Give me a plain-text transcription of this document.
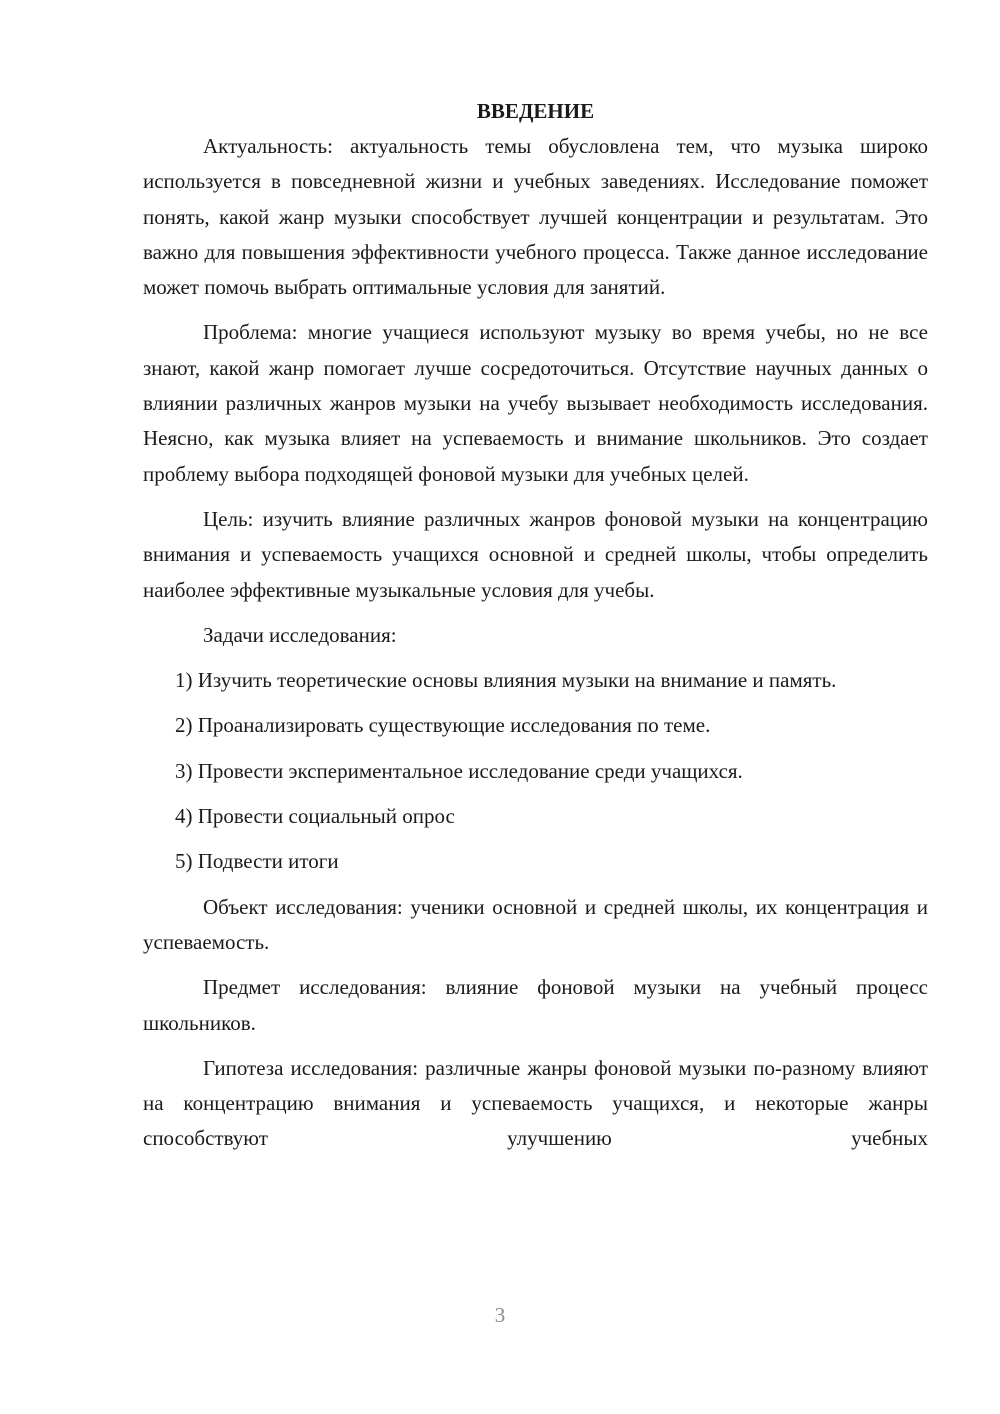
ВВЕДЕНИЕ

Актуальность: актуальность темы обусловлена тем, что музыка широко используется в повседневной жизни и учебных заведениях. Исследование поможет понять, какой жанр музыки способствует лучшей концентрации и результатам. Это важно для повышения эффективности учебного процесса. Также данное исследование может помочь выбрать оптимальные условия для занятий.

Проблема: многие учащиеся используют музыку во время учебы, но не все знают, какой жанр помогает лучше сосредоточиться. Отсутствие научных данных о влиянии различных жанров музыки на учебу вызывает необходимость исследования. Неясно, как музыка влияет на успеваемость и внимание школьников. Это создает проблему выбора подходящей фоновой музыки для учебных целей.

Цель: изучить влияние различных жанров фоновой музыки на концентрацию внимания и успеваемость учащихся основной и средней школы, чтобы определить наиболее эффективные музыкальные условия для учебы.

Задачи исследования:

1) Изучить теоретические основы влияния музыки на внимание и память.

2) Проанализировать существующие исследования по теме.

3) Провести экспериментальное исследование среди учащихся.

4) Провести социальный опрос

5) Подвести итоги

Объект исследования: ученики основной и средней школы, их концентрация и успеваемость.

Предмет исследования: влияние фоновой музыки на учебный процесс школьников.

Гипотеза исследования: различные жанры фоновой музыки по-разному влияют на концентрацию внимания и успеваемость учащихся, и некоторые жанры способствуют улучшению учебных

3
